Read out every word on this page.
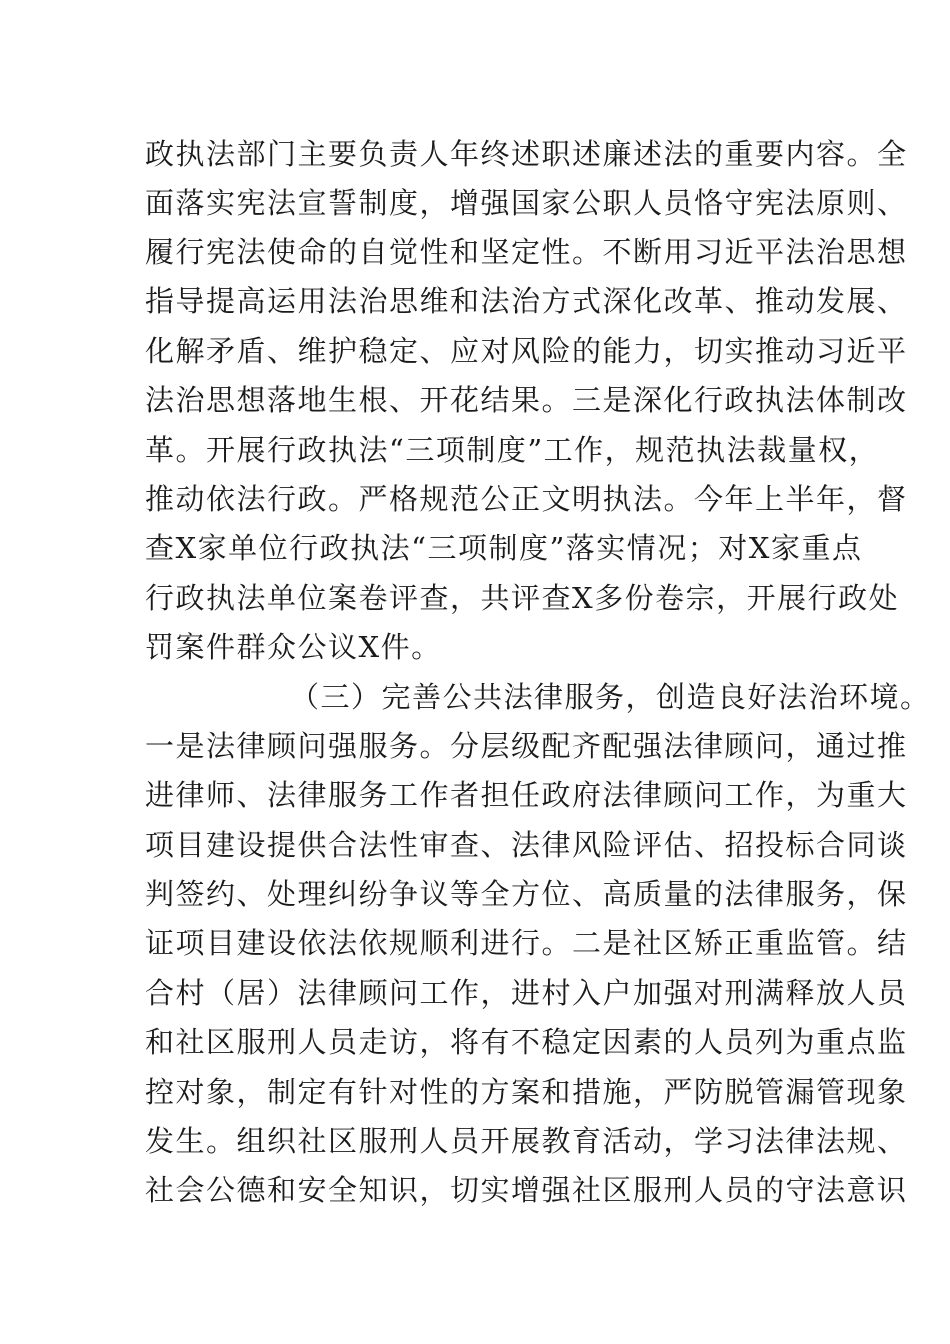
政执法部门主要负责人年终述职述廉述法的重要内容。全
面落实宪法宣誓制度，增强国家公职人员恪守宪法原则、
履行宪法使命的自觉性和坚定性。不断用习近平法治思想
指导提高运用法治思维和法治方式深化改革、推动发展、
化解矛盾、维护稳定、应对风险的能力，切实推动习近平
法治思想落地生根、开花结果。三是深化行政执法体制改
革。开展行政执法“三项制度”工作，规范执法裁量权，
推动依法行政。严格规范公正文明执法。今年上半年，督
查X家单位行政执法“三项制度”落实情况；对X家重点
行政执法单位案卷评查，共评查X多份卷宗，开展行政处
罚案件群众公议X件。
（三）完善公共法律服务，创造良好法治环境。
一是法律顾问强服务。分层级配齐配强法律顾问，通过推
进律师、法律服务工作者担任政府法律顾问工作，为重大
项目建设提供合法性审查、法律风险评估、招投标合同谈
判签约、处理纠纷争议等全方位、高质量的法律服务，保
证项目建设依法依规顺利进行。二是社区矫正重监管。结
合村（居）法律顾问工作，进村入户加强对刑满释放人员
和社区服刑人员走访，将有不稳定因素的人员列为重点监
控对象，制定有针对性的方案和措施，严防脱管漏管现象
发生。组织社区服刑人员开展教育活动，学习法律法规、
社会公德和安全知识，切实增强社区服刑人员的守法意识
